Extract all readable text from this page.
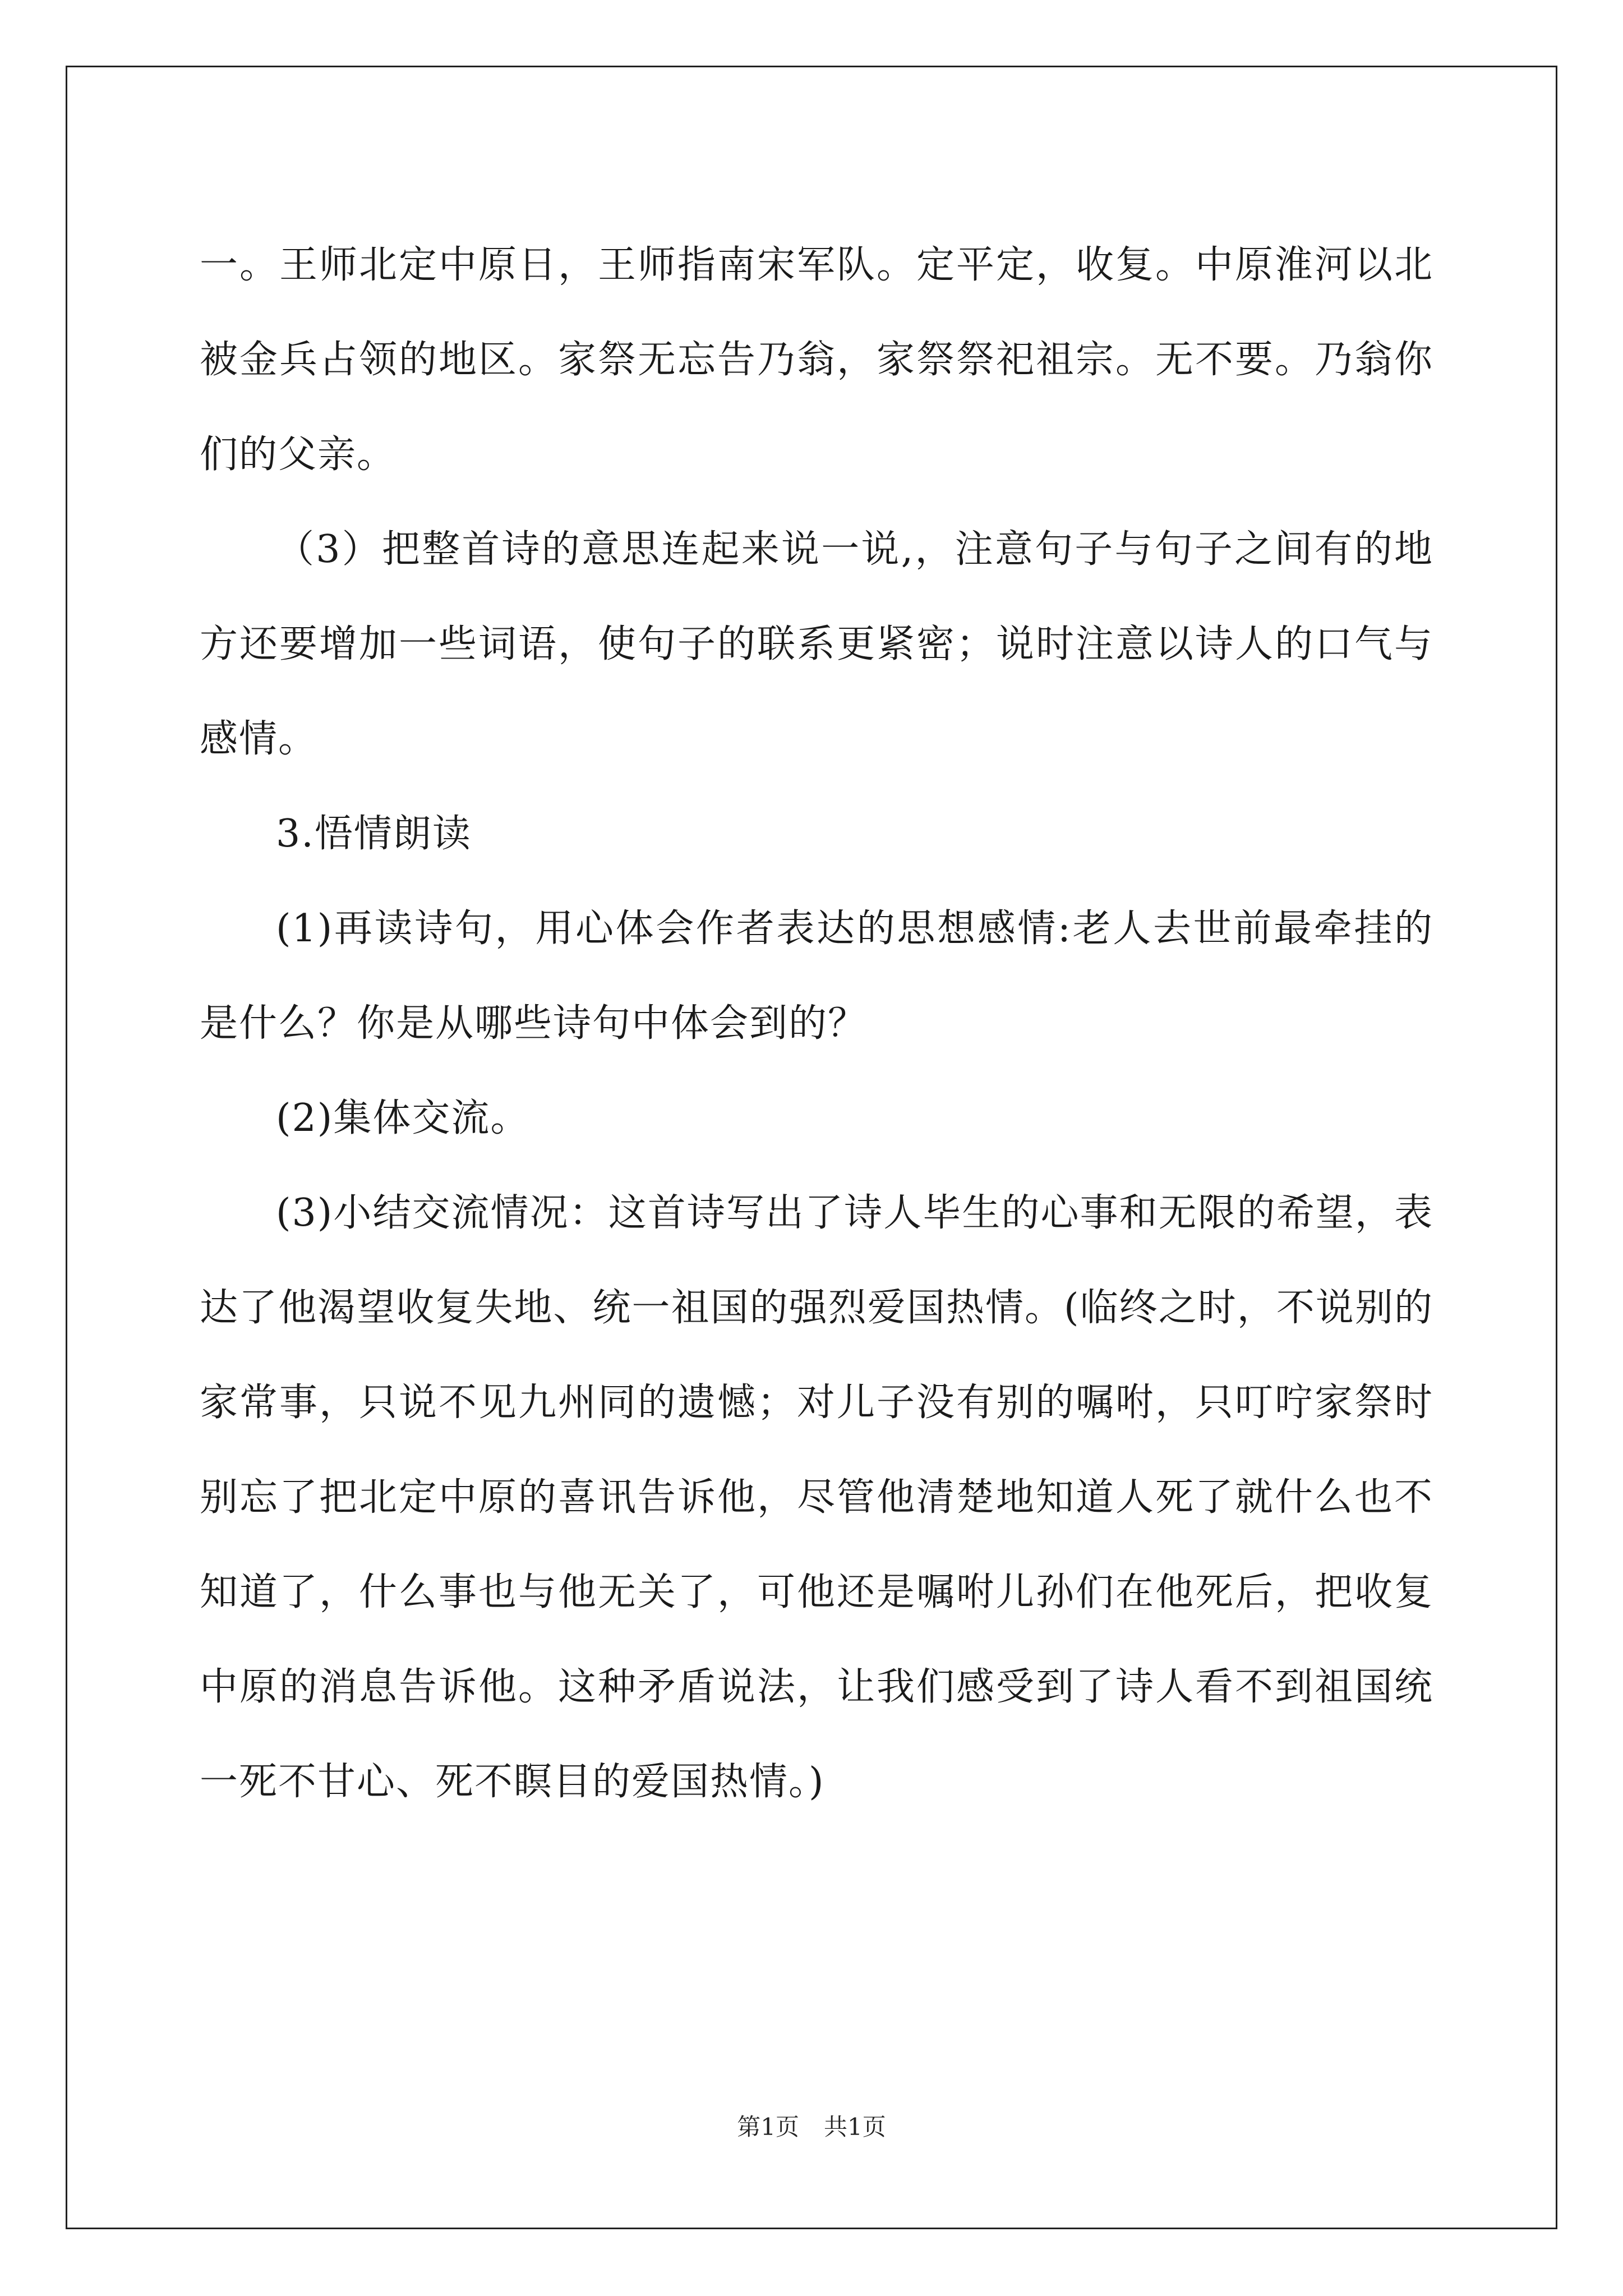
一。王师北定中原日，王师指南宋军队。定平定，收复。中原淮河以北被金兵占领的地区。家祭无忘告乃翁，家祭祭祀祖宗。无不要。乃翁你们的父亲。

（3）把整首诗的意思连起来说一说,，注意句子与句子之间有的地方还要增加一些词语，使句子的联系更紧密；说时注意以诗人的口气与感情。

3.悟情朗读

(1)再读诗句，用心体会作者表达的思想感情:老人去世前最牵挂的是什么？你是从哪些诗句中体会到的？

(2)集体交流。

(3)小结交流情况：这首诗写出了诗人毕生的心事和无限的希望，表达了他渴望收复失地、统一祖国的强烈爱国热情。(临终之时，不说别的家常事，只说不见九州同的遗憾；对儿子没有别的嘱咐，只叮咛家祭时别忘了把北定中原的喜讯告诉他，尽管他清楚地知道人死了就什么也不知道了，什么事也与他无关了，可他还是嘱咐儿孙们在他死后，把收复中原的消息告诉他。这种矛盾说法，让我们感受到了诗人看不到祖国统一死不甘心、死不瞑目的爱国热情。)

第1页 共1页
